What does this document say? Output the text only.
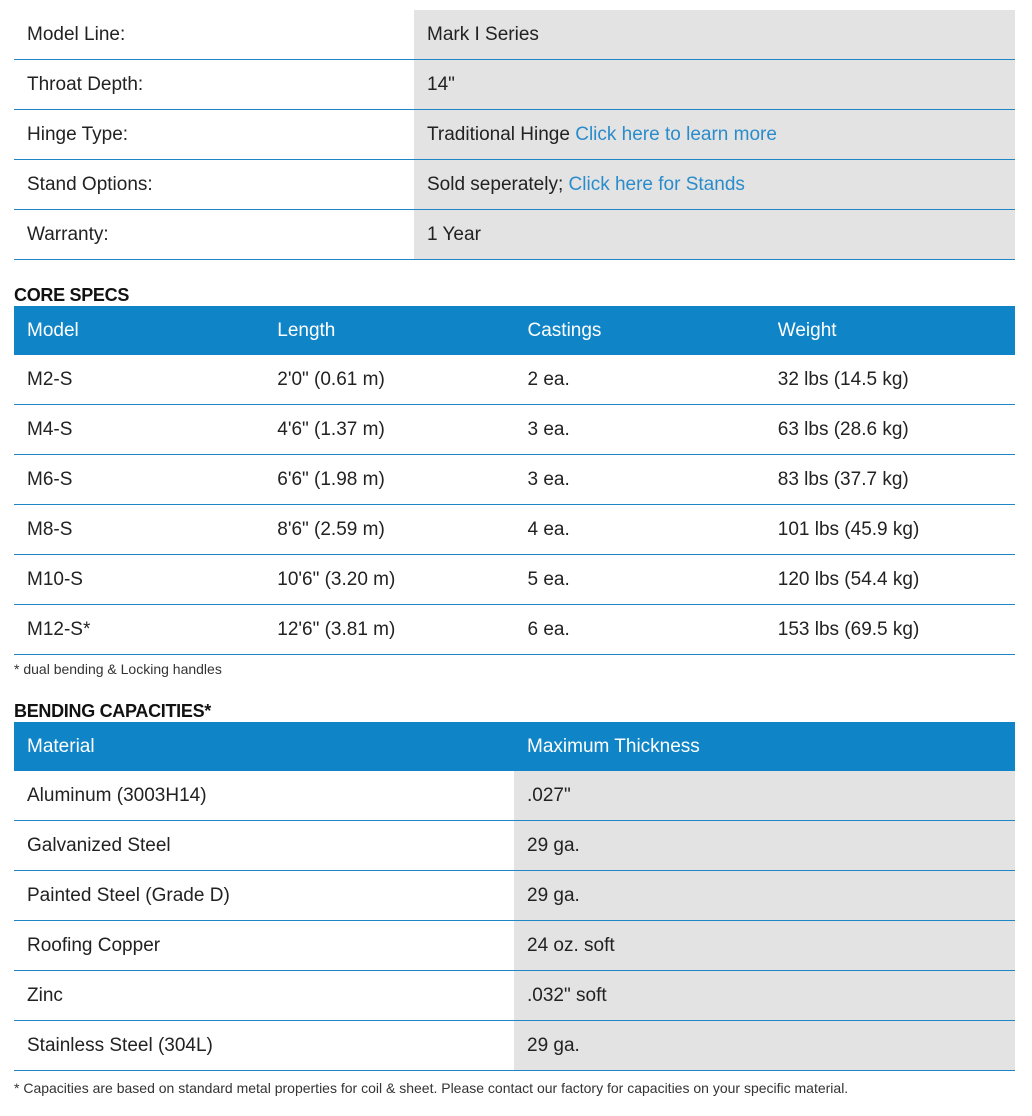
Model Line:	Mark I Series
Throat Depth:	14"
Hinge Type:	Traditional Hinge Click here to learn more
Stand Options:	Sold seperately; Click here for Stands
Warranty:	1 Year
CORE SPECS
Model	Length	Castings	Weight
M2-S	2'0" (0.61 m)	2 ea.	32 lbs (14.5 kg)
M4-S	4'6" (1.37 m)	3 ea.	63 lbs (28.6 kg)
M6-S	6'6" (1.98 m)	3 ea.	83 lbs (37.7 kg)
M8-S	8'6" (2.59 m)	4 ea.	101 lbs (45.9 kg)
M10-S	10'6" (3.20 m)	5 ea.	120 lbs (54.4 kg)
M12-S*	12'6" (3.81 m)	6 ea.	153 lbs (69.5 kg)
* dual bending & Locking handles
BENDING CAPACITIES*
Material	Maximum Thickness
Aluminum (3003H14)	.027"
Galvanized Steel	29 ga.
Painted Steel (Grade D)	29 ga.
Roofing Copper	24 oz. soft
Zinc	.032" soft
Stainless Steel (304L)	29 ga.
* Capacities are based on standard metal properties for coil & sheet. Please contact our factory for capacities on your specific material.
